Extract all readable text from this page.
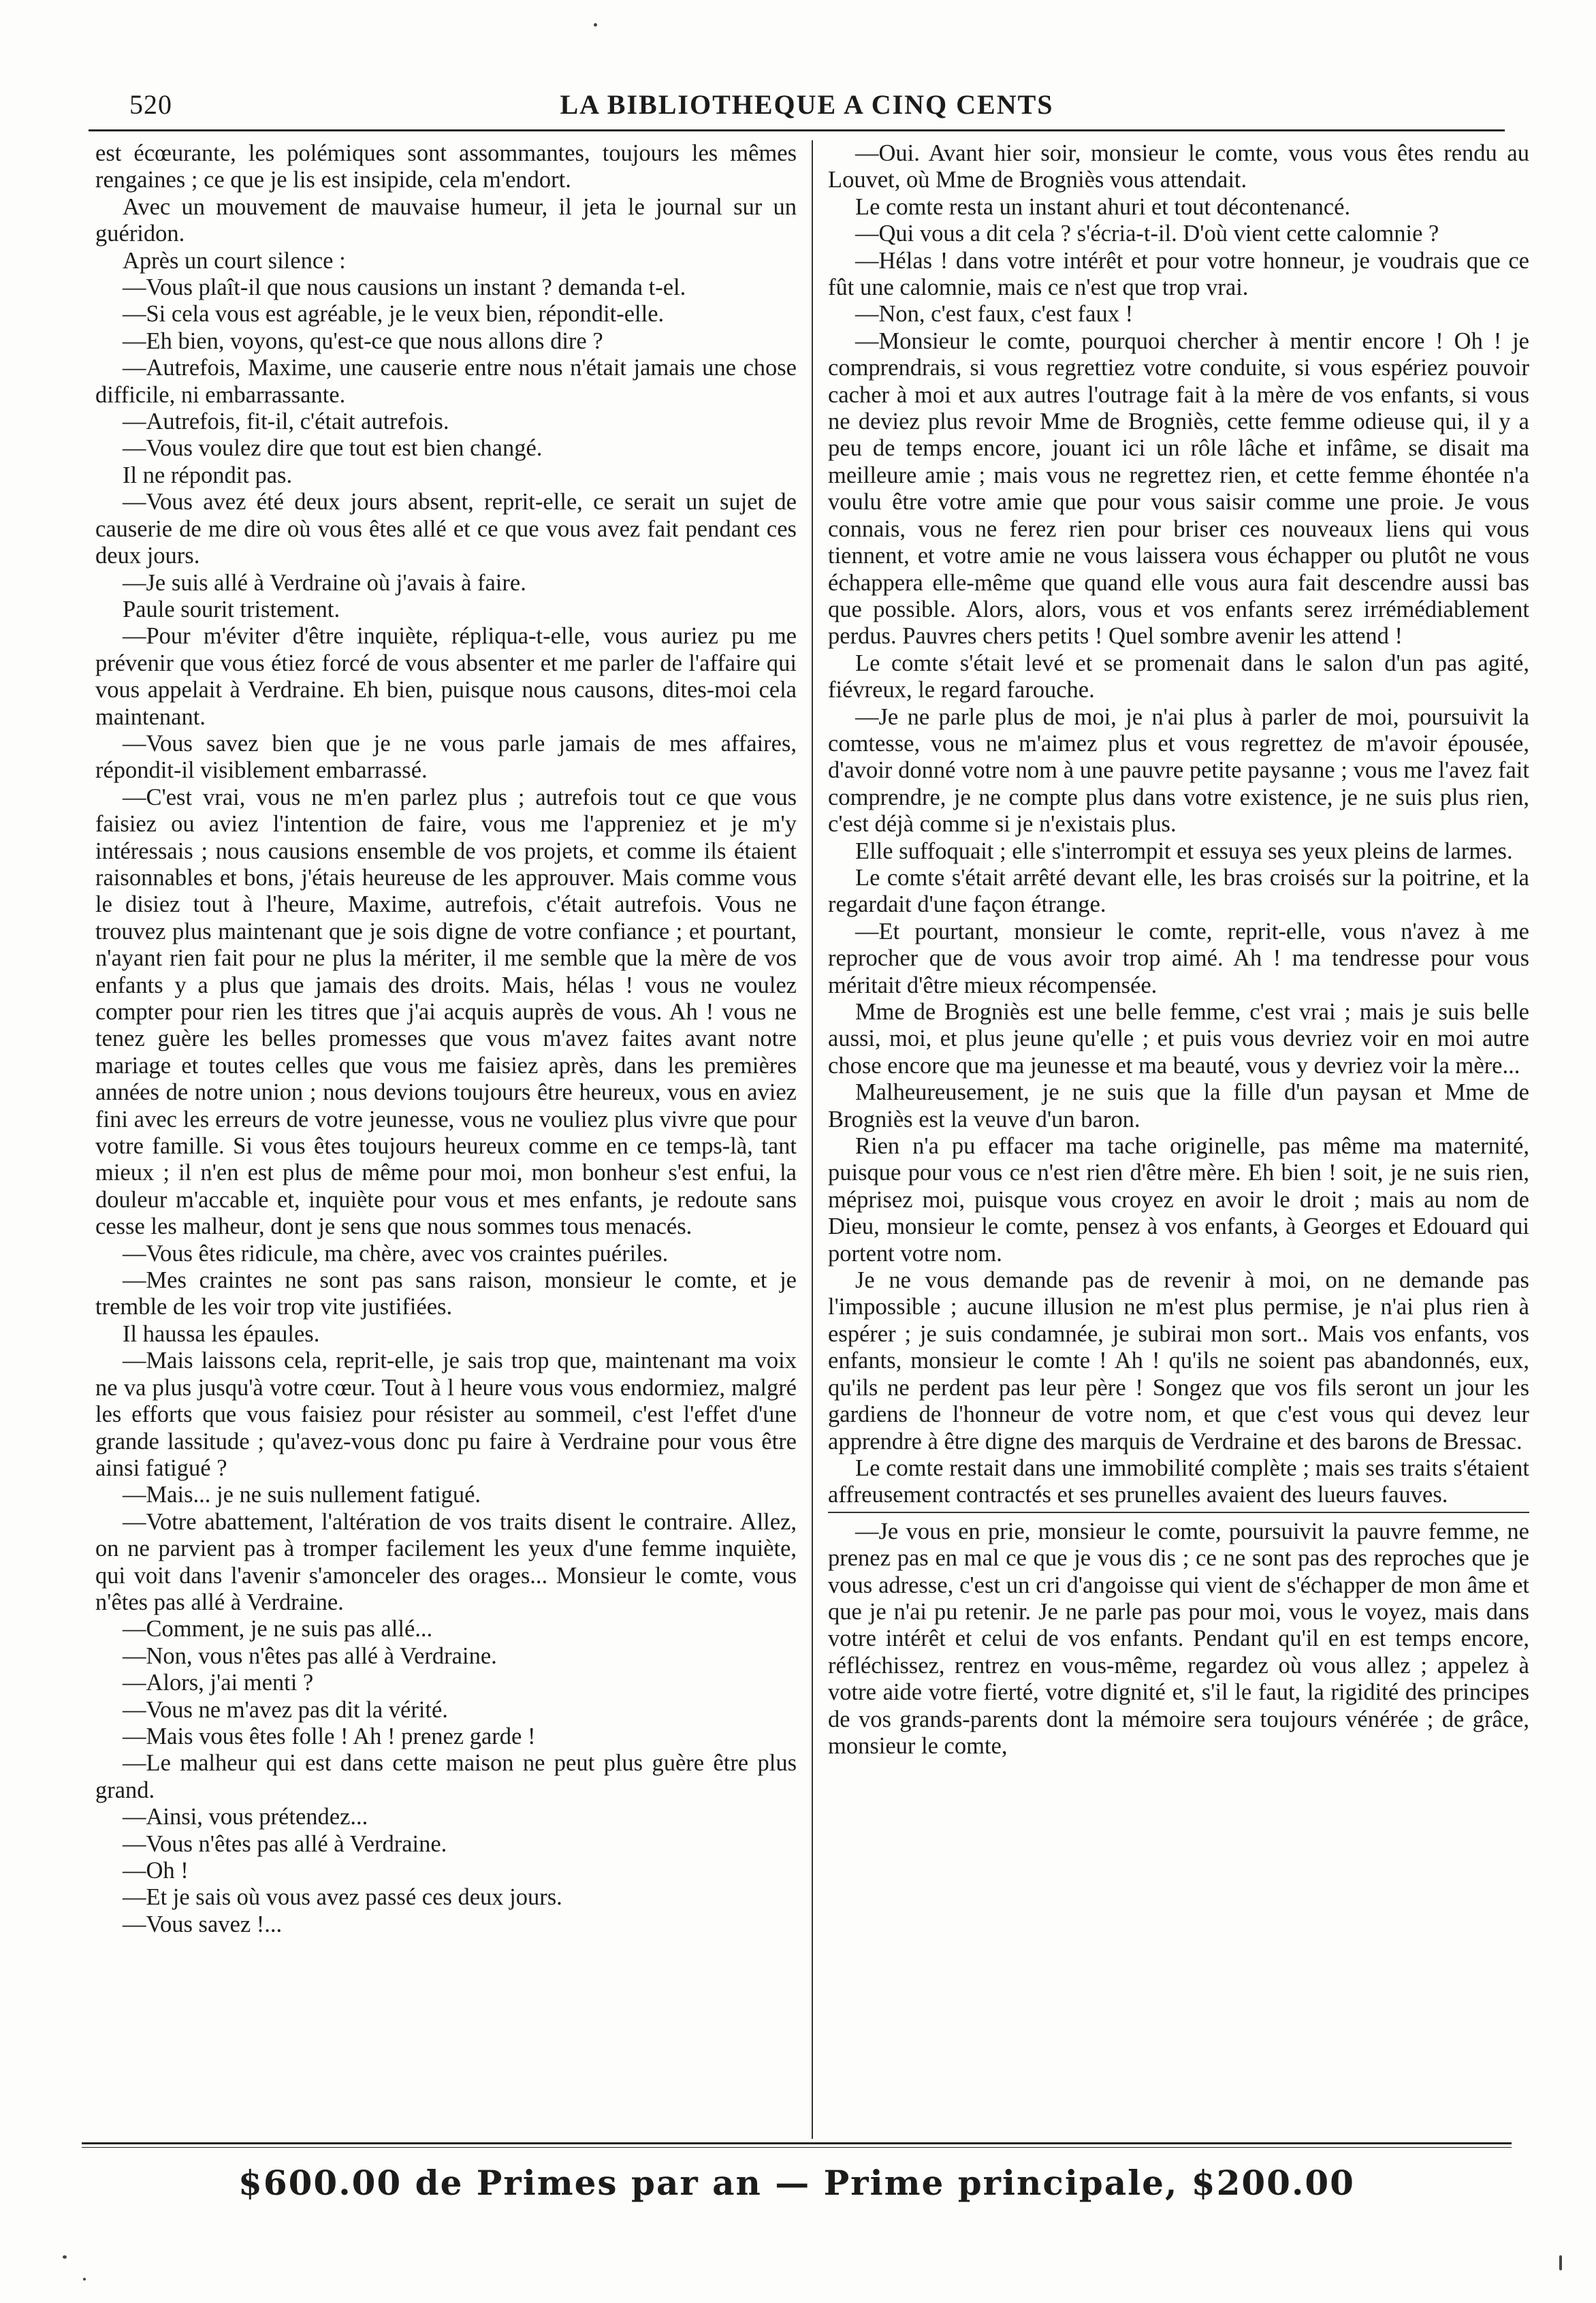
520	LA BIBLIOTHEQUE A CINQ CENTS

est écœurante, les polémiques sont assommantes, toujours les mêmes rengaines ; ce que je lis est insipide, cela m'endort.

Avec un mouvement de mauvaise humeur, il jeta le journal sur un guéridon.

Après un court silence :

—Vous plaît-il que nous causions un instant ? demanda t-el.

—Si cela vous est agréable, je le veux bien, répondit-elle.

—Eh bien, voyons, qu'est-ce que nous allons dire ?

—Autrefois, Maxime, une causerie entre nous n'était jamais une chose difficile, ni embarrassante.

—Autrefois, fit-il, c'était autrefois.

—Vous voulez dire que tout est bien changé.

Il ne répondit pas.

—Vous avez été deux jours absent, reprit-elle, ce serait un sujet de causerie de me dire où vous êtes allé et ce que vous avez fait pendant ces deux jours.

—Je suis allé à Verdraine où j'avais à faire.

Paule sourit tristement.

—Pour m'éviter d'être inquiète, répliqua-t-elle, vous auriez pu me prévenir que vous étiez forcé de vous absenter et me parler de l'affaire qui vous appelait à Verdraine. Eh bien, puisque nous causons, dites-moi cela maintenant.

—Vous savez bien que je ne vous parle jamais de mes affaires, répondit-il visiblement embarrassé.

—C'est vrai, vous ne m'en parlez plus ; autrefois tout ce que vous faisiez ou aviez l'intention de faire, vous me l'appreniez et je m'y intéressais ; nous causions ensemble de vos projets, et comme ils étaient raisonnables et bons, j'étais heureuse de les approuver. Mais comme vous le disiez tout à l'heure, Maxime, autrefois, c'était autrefois. Vous ne trouvez plus maintenant que je sois digne de votre confiance ; et pourtant, n'ayant rien fait pour ne plus la mériter, il me semble que la mère de vos enfants y a plus que jamais des droits. Mais, hélas ! vous ne voulez compter pour rien les titres que j'ai acquis auprès de vous. Ah ! vous ne tenez guère les belles promesses que vous m'avez faites avant notre mariage et toutes celles que vous me faisiez après, dans les premières années de notre union ; nous devions toujours être heureux, vous en aviez fini avec les erreurs de votre jeunesse, vous ne vouliez plus vivre que pour votre famille. Si vous êtes toujours heureux comme en ce temps-là, tant mieux ; il n'en est plus de même pour moi, mon bonheur s'est enfui, la douleur m'accable et, inquiète pour vous et mes enfants, je redoute sans cesse les malheur, dont je sens que nous sommes tous menacés.

—Vous êtes ridicule, ma chère, avec vos craintes puériles.

—Mes craintes ne sont pas sans raison, monsieur le comte, et je tremble de les voir trop vite justifiées.

Il haussa les épaules.

—Mais laissons cela, reprit-elle, je sais trop que, maintenant ma voix ne va plus jusqu'à votre cœur. Tout à l heure vous vous endormiez, malgré les efforts que vous faisiez pour résister au sommeil, c'est l'effet d'une grande lassitude ; qu'avez-vous donc pu faire à Verdraine pour vous être ainsi fatigué ?

—Mais... je ne suis nullement fatigué.

—Votre abattement, l'altération de vos traits disent le contraire. Allez, on ne parvient pas à tromper facilement les yeux d'une femme inquiète, qui voit dans l'avenir s'amonceler des orages... Monsieur le comte, vous n'êtes pas allé à Verdraine.

—Comment, je ne suis pas allé...

—Non, vous n'êtes pas allé à Verdraine.

—Alors, j'ai menti ?

—Vous ne m'avez pas dit la vérité.

—Mais vous êtes folle ! Ah ! prenez garde !

—Le malheur qui est dans cette maison ne peut plus guère être plus grand.

—Ainsi, vous prétendez...

—Vous n'êtes pas allé à Verdraine.

—Oh !

—Et je sais où vous avez passé ces deux jours.

—Vous savez !...

—Oui. Avant hier soir, monsieur le comte, vous vous êtes rendu au Louvet, où Mme de Brogniès vous attendait.

Le comte resta un instant ahuri et tout décontenancé.

—Qui vous a dit cela ? s'écria-t-il. D'où vient cette calomnie ?

—Hélas ! dans votre intérêt et pour votre honneur, je voudrais que ce fût une calomnie, mais ce n'est que trop vrai.

—Non, c'est faux, c'est faux !

—Monsieur le comte, pourquoi chercher à mentir encore ! Oh ! je comprendrais, si vous regrettiez votre conduite, si vous espériez pouvoir cacher à moi et aux autres l'outrage fait à la mère de vos enfants, si vous ne deviez plus revoir Mme de Brogniès, cette femme odieuse qui, il y a peu de temps encore, jouant ici un rôle lâche et infâme, se disait ma meilleure amie ; mais vous ne regrettez rien, et cette femme éhontée n'a voulu être votre amie que pour vous saisir comme une proie. Je vous connais, vous ne ferez rien pour briser ces nouveaux liens qui vous tiennent, et votre amie ne vous laissera vous échapper ou plutôt ne vous échappera elle-même que quand elle vous aura fait descendre aussi bas que possible. Alors, alors, vous et vos enfants serez irrémédiablement perdus. Pauvres chers petits ! Quel sombre avenir les attend !

Le comte s'était levé et se promenait dans le salon d'un pas agité, fiévreux, le regard farouche.

—Je ne parle plus de moi, je n'ai plus à parler de moi, poursuivit la comtesse, vous ne m'aimez plus et vous regrettez de m'avoir épousée, d'avoir donné votre nom à une pauvre petite paysanne ; vous me l'avez fait comprendre, je ne compte plus dans votre existence, je ne suis plus rien, c'est déjà comme si je n'existais plus.

Elle suffoquait ; elle s'interrompit et essuya ses yeux pleins de larmes.

Le comte s'était arrêté devant elle, les bras croisés sur la poitrine, et la regardait d'une façon étrange.

—Et pourtant, monsieur le comte, reprit-elle, vous n'avez à me reprocher que de vous avoir trop aimé. Ah ! ma tendresse pour vous méritait d'être mieux récompensée.

Mme de Brogniès est une belle femme, c'est vrai ; mais je suis belle aussi, moi, et plus jeune qu'elle ; et puis vous devriez voir en moi autre chose encore que ma jeunesse et ma beauté, vous y devriez voir la mère...

Malheureusement, je ne suis que la fille d'un paysan et Mme de Brogniès est la veuve d'un baron.

Rien n'a pu effacer ma tache originelle, pas même ma maternité, puisque pour vous ce n'est rien d'être mère. Eh bien ! soit, je ne suis rien, méprisez moi, puisque vous croyez en avoir le droit ; mais au nom de Dieu, monsieur le comte, pensez à vos enfants, à Georges et Edouard qui portent votre nom.

Je ne vous demande pas de revenir à moi, on ne demande pas l'impossible ; aucune illusion ne m'est plus permise, je n'ai plus rien à espérer ; je suis condamnée, je subirai mon sort.. Mais vos enfants, vos enfants, monsieur le comte ! Ah ! qu'ils ne soient pas abandonnés, eux, qu'ils ne perdent pas leur père ! Songez que vos fils seront un jour les gardiens de l'honneur de votre nom, et que c'est vous qui devez leur apprendre à être digne des marquis de Verdraine et des barons de Bressac.

Le comte restait dans une immobilité complète ; mais ses traits s'étaient affreusement contractés et ses prunelles avaient des lueurs fauves.

—Je vous en prie, monsieur le comte, poursuivit la pauvre femme, ne prenez pas en mal ce que je vous dis ; ce ne sont pas des reproches que je vous adresse, c'est un cri d'angoisse qui vient de s'échapper de mon âme et que je n'ai pu retenir. Je ne parle pas pour moi, vous le voyez, mais dans votre intérêt et celui de vos enfants. Pendant qu'il en est temps encore, réfléchissez, rentrez en vous-même, regardez où vous allez ; appelez à votre aide votre fierté, votre dignité et, s'il le faut, la rigidité des principes de vos grands-parents dont la mémoire sera toujours vénérée ; de grâce, monsieur le comte,

$600.00 de Primes par an — Prime principale, $200.00
